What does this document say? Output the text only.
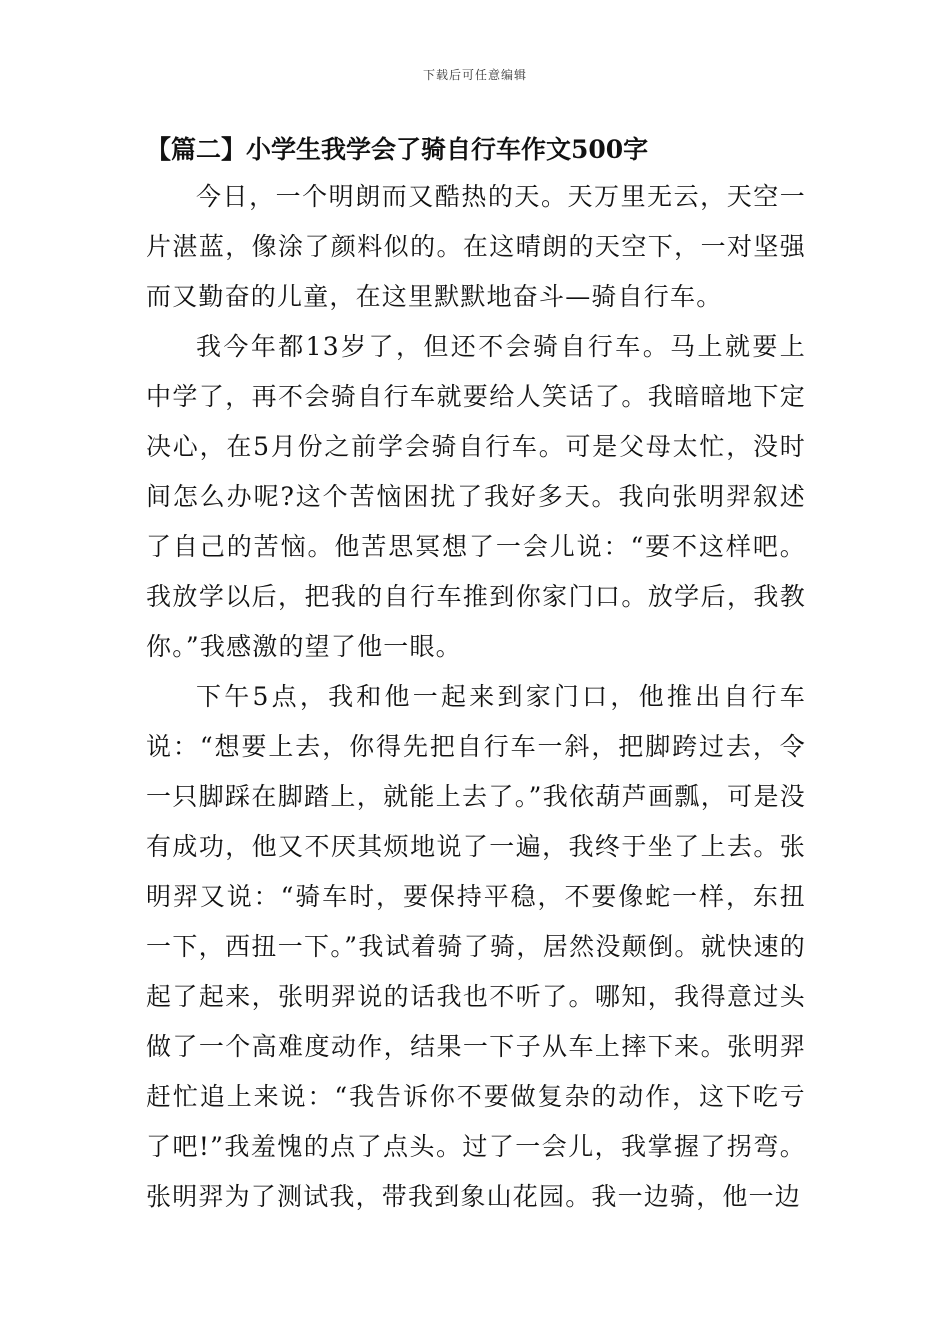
下载后可任意编辑
【篇二】小学生我学会了骑自行车作文500字

今日，一个明朗而又酷热的天。天万里无云，天空一片湛蓝，像涂了颜料似的。在这晴朗的天空下，一对坚强而又勤奋的儿童，在这里默默地奋斗—骑自行车。

我今年都13岁了，但还不会骑自行车。马上就要上中学了，再不会骑自行车就要给人笑话了。我暗暗地下定决心，在5月份之前学会骑自行车。可是父母太忙，没时间怎么办呢?这个苦恼困扰了我好多天。我向张明羿叙述了自己的苦恼。他苦思冥想了一会儿说：“要不这样吧。我放学以后，把我的自行车推到你家门口。放学后，我教你。”我感激的望了他一眼。

下午5点，我和他一起来到家门口，他推出自行车说：“想要上去，你得先把自行车一斜，把脚跨过去，令一只脚踩在脚踏上，就能上去了。”我依葫芦画瓢，可是没有成功，他又不厌其烦地说了一遍，我终于坐了上去。张明羿又说：“骑车时，要保持平稳，不要像蛇一样，东扭一下，西扭一下。”我试着骑了骑，居然没颠倒。就快速的起了起来，张明羿说的话我也不听了。哪知，我得意过头做了一个高难度动作，结果一下子从车上摔下来。张明羿赶忙追上来说：“我告诉你不要做复杂的动作，这下吃亏了吧!”我羞愧的点了点头。过了一会儿，我掌握了拐弯。张明羿为了测试我，带我到象山花园。我一边骑，他一边
